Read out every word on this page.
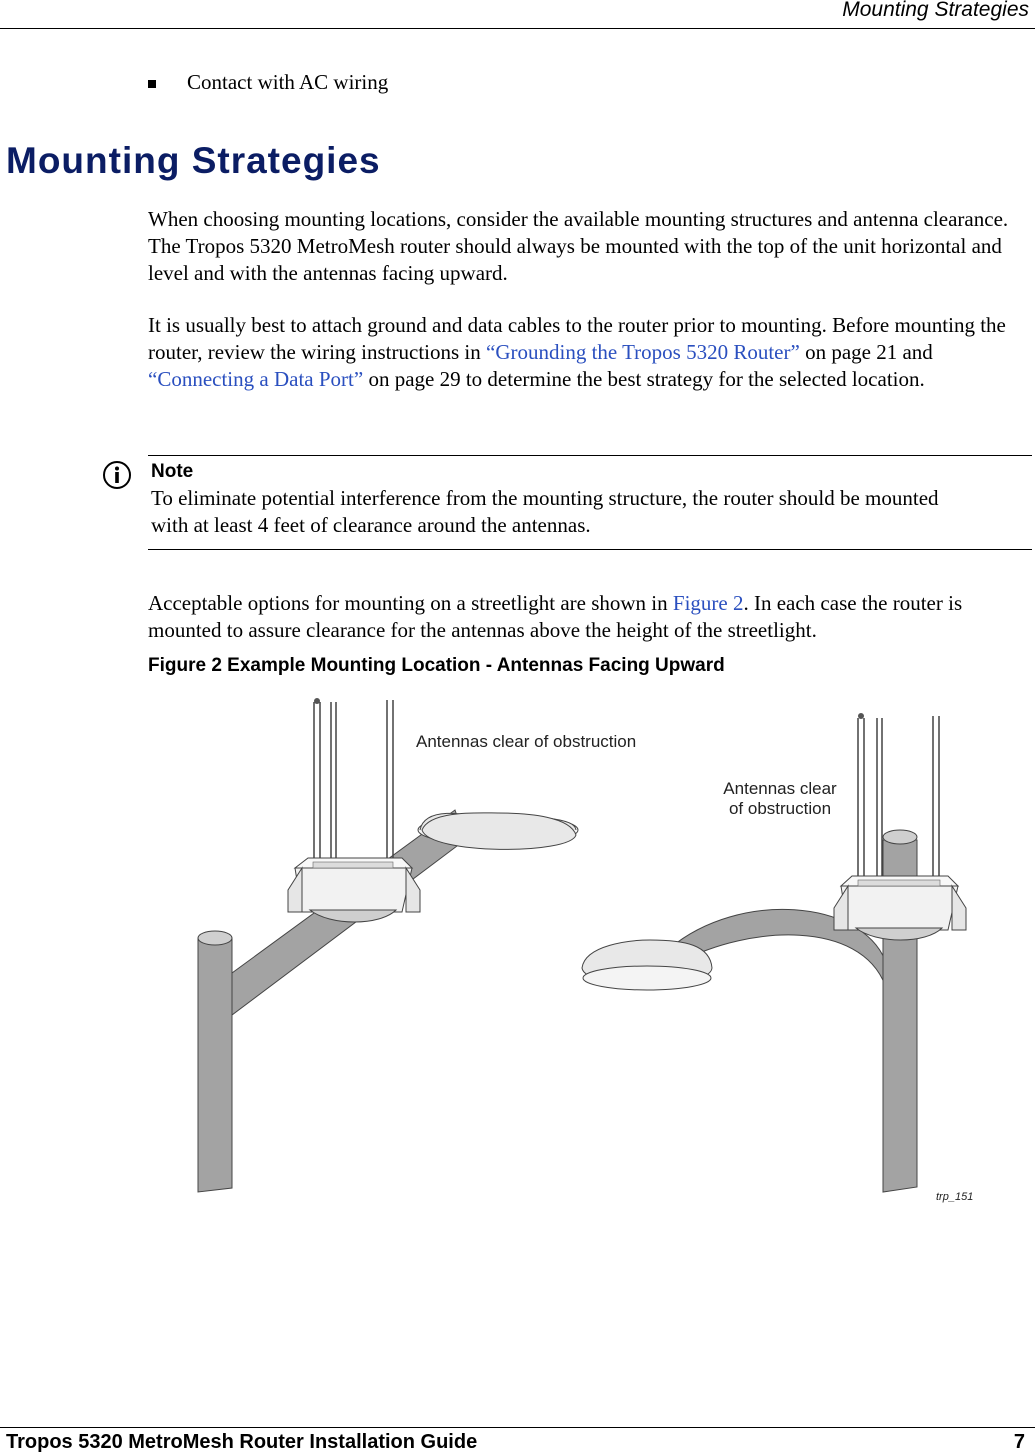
Mounting Strategies
Contact with AC wiring
Mounting Strategies

When choosing mounting locations, consider the available mounting structures and antenna clearance. The Tropos 5320 MetroMesh router should always be mounted with the top of the unit horizontal and level and with the antennas facing upward.

It is usually best to attach ground and data cables to the router prior to mounting. Before mounting the router, review the wiring instructions in “Grounding the Tropos 5320 Router” on page 21 and “Connecting a Data Port” on page 29 to determine the best strategy for the selected location.

Note

To eliminate potential interference from the mounting structure, the router should be mounted with at least 4 feet of clearance around the antennas.

Acceptable options for mounting on a streetlight are shown in Figure 2. In each case the router is mounted to assure clearance for the antennas above the height of the streetlight.

Figure 2 Example Mounting Location - Antennas Facing Upward
Antennas clear of obstruction
Antennas clear
of obstruction
trp_151
Tropos 5320 MetroMesh Router Installation Guide	7
